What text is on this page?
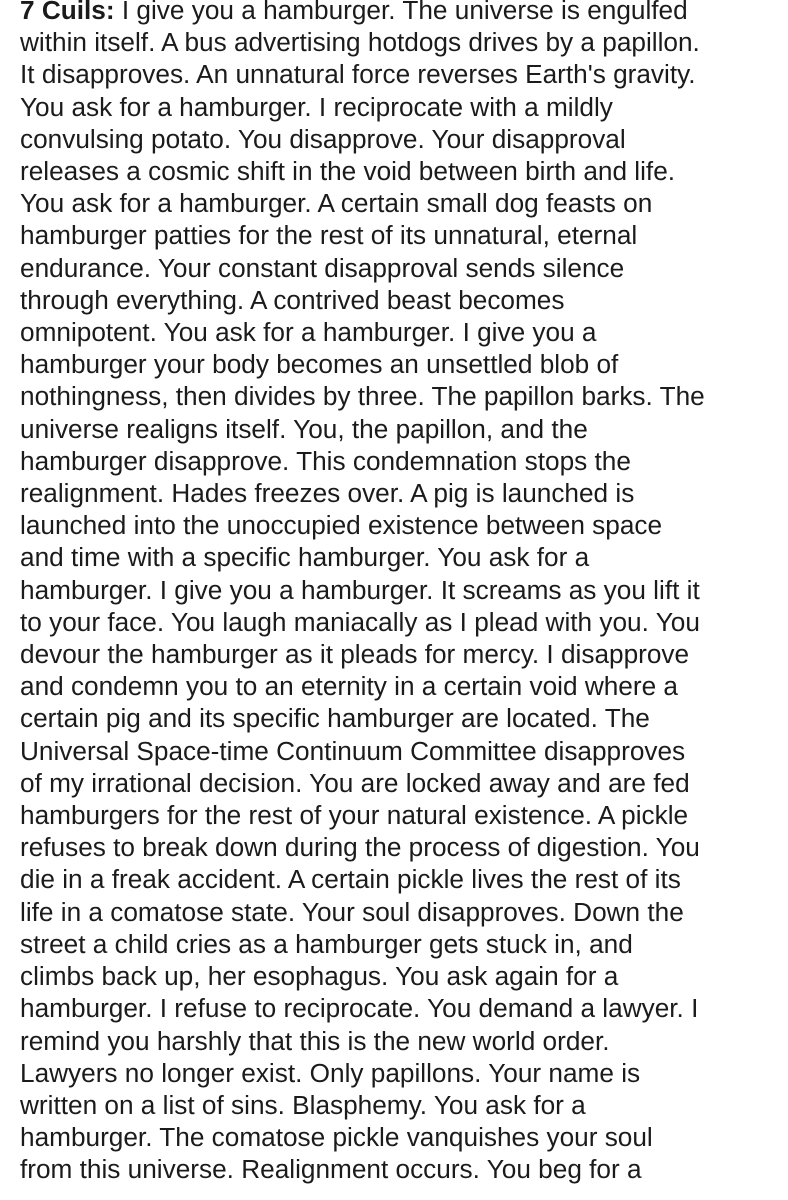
7 Cuils: I give you a hamburger. The universe is engulfed
within itself. A bus advertising hotdogs drives by a papillon.
It disapproves. An unnatural force reverses Earth's gravity.
You ask for a hamburger. I reciprocate with a mildly
convulsing potato. You disapprove. Your disapproval
releases a cosmic shift in the void between birth and life.
You ask for a hamburger. A certain small dog feasts on
hamburger patties for the rest of its unnatural, eternal
endurance. Your constant disapproval sends silence
through everything. A contrived beast becomes
omnipotent. You ask for a hamburger. I give you a
hamburger your body becomes an unsettled blob of
nothingness, then divides by three. The papillon barks. The
universe realigns itself. You, the papillon, and the
hamburger disapprove. This condemnation stops the
realignment. Hades freezes over. A pig is launched is
launched into the unoccupied existence between space
and time with a specific hamburger. You ask for a
hamburger. I give you a hamburger. It screams as you lift it
to your face. You laugh maniacally as I plead with you. You
devour the hamburger as it pleads for mercy. I disapprove
and condemn you to an eternity in a certain void where a
certain pig and its specific hamburger are located. The
Universal Space-time Continuum Committee disapproves
of my irrational decision. You are locked away and are fed
hamburgers for the rest of your natural existence. A pickle
refuses to break down during the process of digestion. You
die in a freak accident. A certain pickle lives the rest of its
life in a comatose state. Your soul disapproves. Down the
street a child cries as a hamburger gets stuck in, and
climbs back up, her esophagus. You ask again for a
hamburger. I refuse to reciprocate. You demand a lawyer. I
remind you harshly that this is the new world order.
Lawyers no longer exist. Only papillons. Your name is
written on a list of sins. Blasphemy. You ask for a
hamburger. The comatose pickle vanquishes your soul
from this universe. Realignment occurs. You beg for a
